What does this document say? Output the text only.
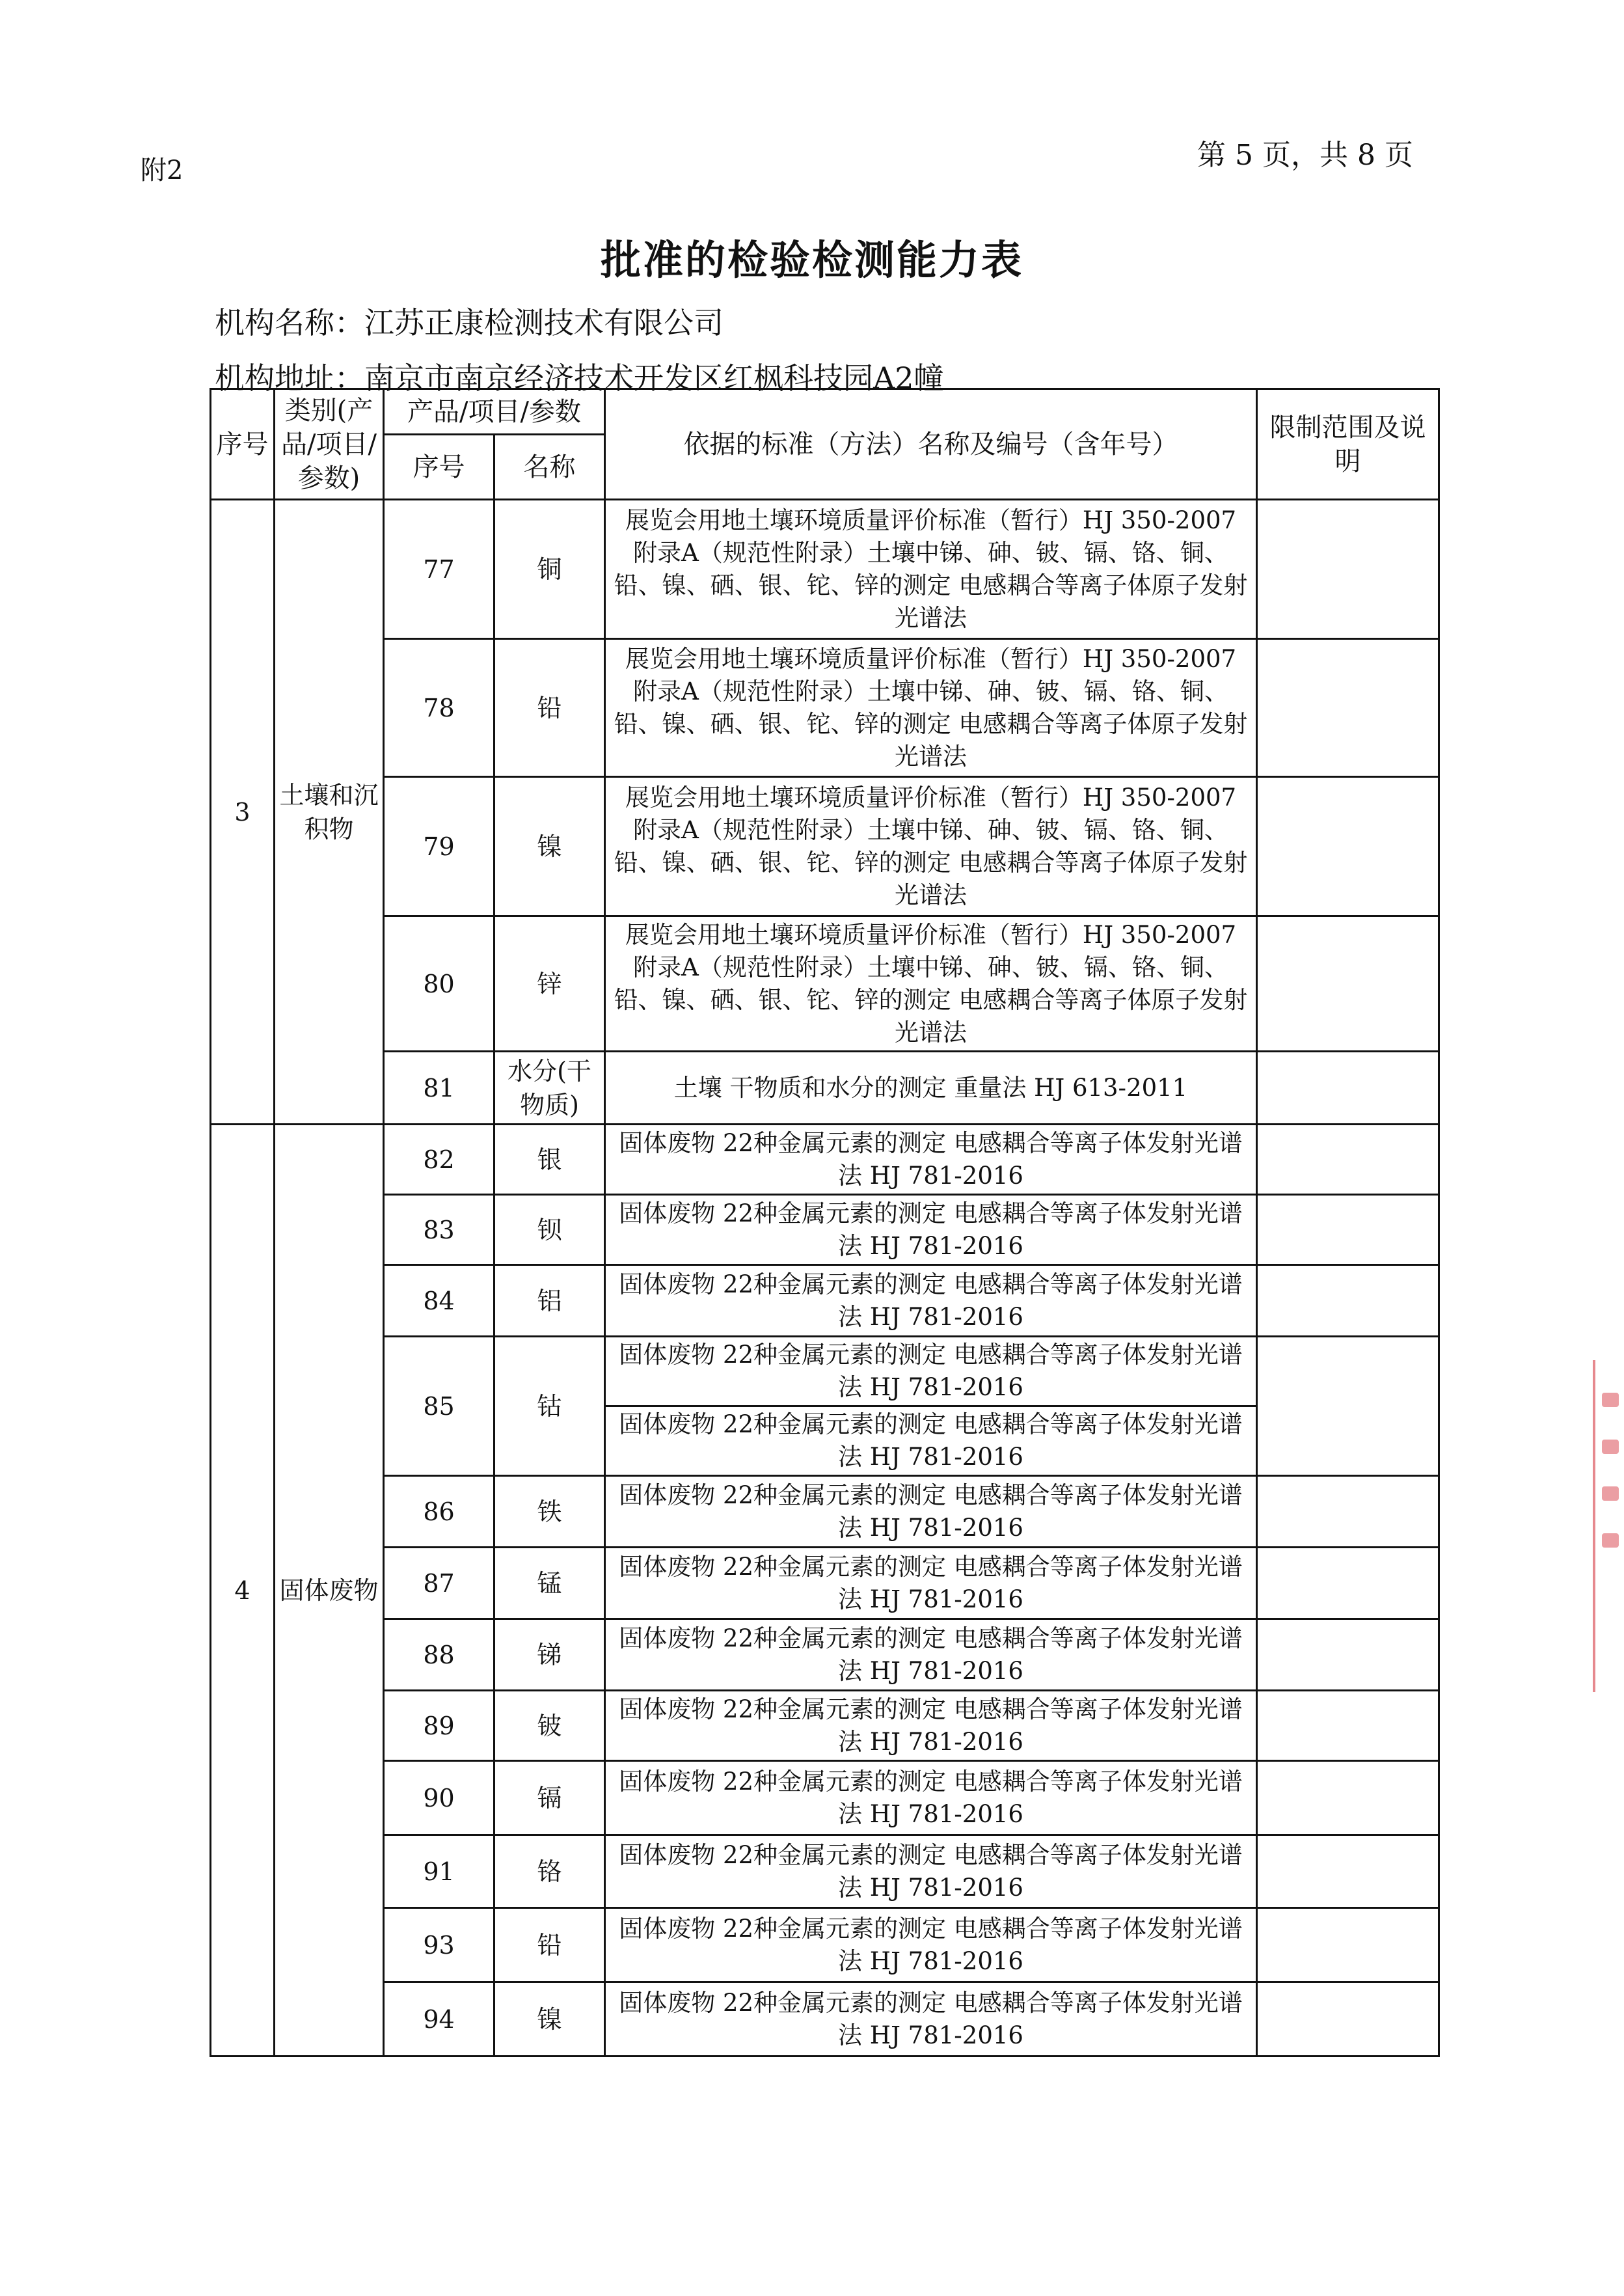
附2	第 5 页，共 8 页
批准的检验检测能力表
机构名称：江苏正康检测技术有限公司
机构地址：南京市南京经济技术开发区红枫科技园A2幢
序号	类别(产品/项目/参数)	产品/项目/参数		依据的标准（方法）名称及编号（含年号）	限制范围及说明
		序号	名称		
3	土壤和沉积物	77	铜	展览会用地土壤环境质量评价标准（暂行）HJ 350-2007 附录A（规范性附录）土壤中锑、砷、铍、镉、铬、铜、铅、镍、硒、银、铊、锌的测定 电感耦合等离子体原子发射光谱法	
		78	铅	展览会用地土壤环境质量评价标准（暂行）HJ 350-2007 附录A（规范性附录）土壤中锑、砷、铍、镉、铬、铜、铅、镍、硒、银、铊、锌的测定 电感耦合等离子体原子发射光谱法	
		79	镍	展览会用地土壤环境质量评价标准（暂行）HJ 350-2007 附录A（规范性附录）土壤中锑、砷、铍、镉、铬、铜、铅、镍、硒、银、铊、锌的测定 电感耦合等离子体原子发射光谱法	
		80	锌	展览会用地土壤环境质量评价标准（暂行）HJ 350-2007 附录A（规范性附录）土壤中锑、砷、铍、镉、铬、铜、铅、镍、硒、银、铊、锌的测定 电感耦合等离子体原子发射光谱法	
		81	水分(干物质)	土壤 干物质和水分的测定 重量法 HJ 613-2011	
4	固体废物	82	银	固体废物 22种金属元素的测定 电感耦合等离子体发射光谱法 HJ 781-2016	
		83	钡	固体废物 22种金属元素的测定 电感耦合等离子体发射光谱法 HJ 781-2016	
		84	铝	固体废物 22种金属元素的测定 电感耦合等离子体发射光谱法 HJ 781-2016	
		85	钴	固体废物 22种金属元素的测定 电感耦合等离子体发射光谱法 HJ 781-2016	
				固体废物 22种金属元素的测定 电感耦合等离子体发射光谱法 HJ 781-2016	
		86	铁	固体废物 22种金属元素的测定 电感耦合等离子体发射光谱法 HJ 781-2016	
		87	锰	固体废物 22种金属元素的测定 电感耦合等离子体发射光谱法 HJ 781-2016	
		88	锑	固体废物 22种金属元素的测定 电感耦合等离子体发射光谱法 HJ 781-2016	
		89	铍	固体废物 22种金属元素的测定 电感耦合等离子体发射光谱法 HJ 781-2016	
		90	镉	固体废物 22种金属元素的测定 电感耦合等离子体发射光谱法 HJ 781-2016	
		91	铬	固体废物 22种金属元素的测定 电感耦合等离子体发射光谱法 HJ 781-2016	
		93	铅	固体废物 22种金属元素的测定 电感耦合等离子体发射光谱法 HJ 781-2016	
		94	镍	固体废物 22种金属元素的测定 电感耦合等离子体发射光谱法 HJ 781-2016	
